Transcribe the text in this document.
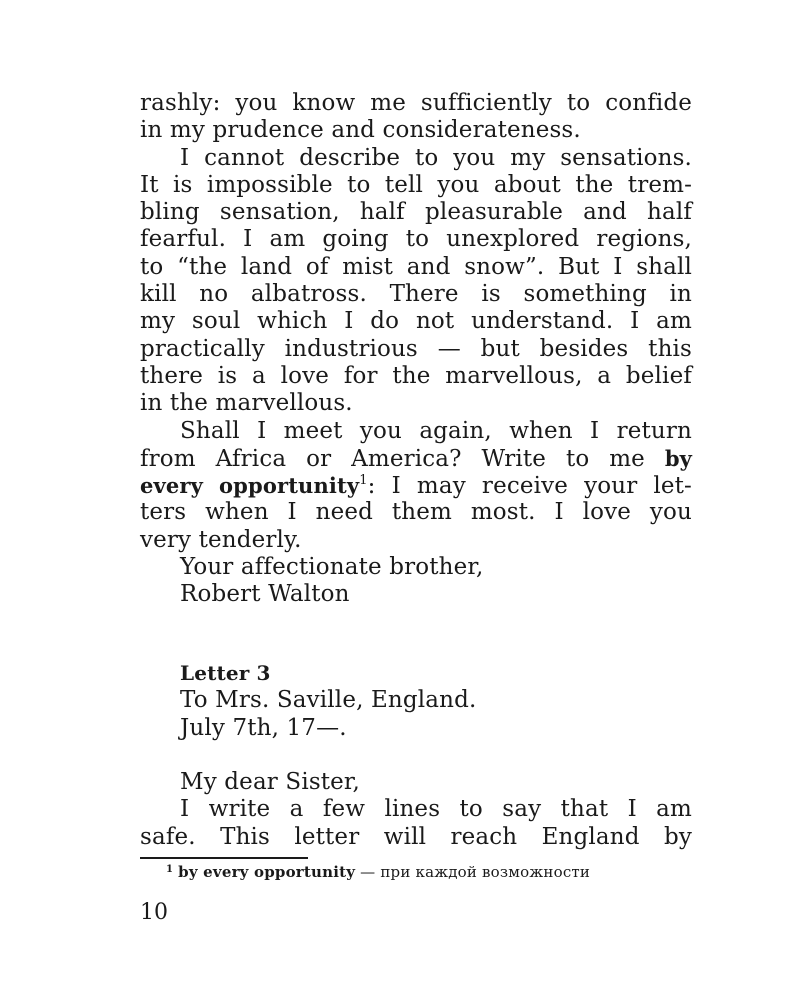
rashly: you know me sufficiently to confide
in my prudence and considerateness.
I cannot describe to you my sensations.
It is impossible to tell you about the trem-
bling sensation, half pleasurable and half
fearful. I am going to unexplored regions,
to “the land of mist and snow”. But I shall
kill no albatross. There is something in
my soul which I do not understand. I am
practically industrious — but besides this
there is a love for the marvellous, a belief
in the marvellous.
Shall I meet you again, when I return
from Africa or America? Write to me by
every opportunity$^1$: I may receive your let-
ters when I need them most. I love you
very tenderly.
Your affectionate brother,
Robert Walton
Letter 3
To Mrs. Saville, England.
July 7th, 17—.
My dear Sister,
I write a few lines to say that I am
safe. This letter will reach England by
$^1$ by every opportunity — при каждой возможности
10
